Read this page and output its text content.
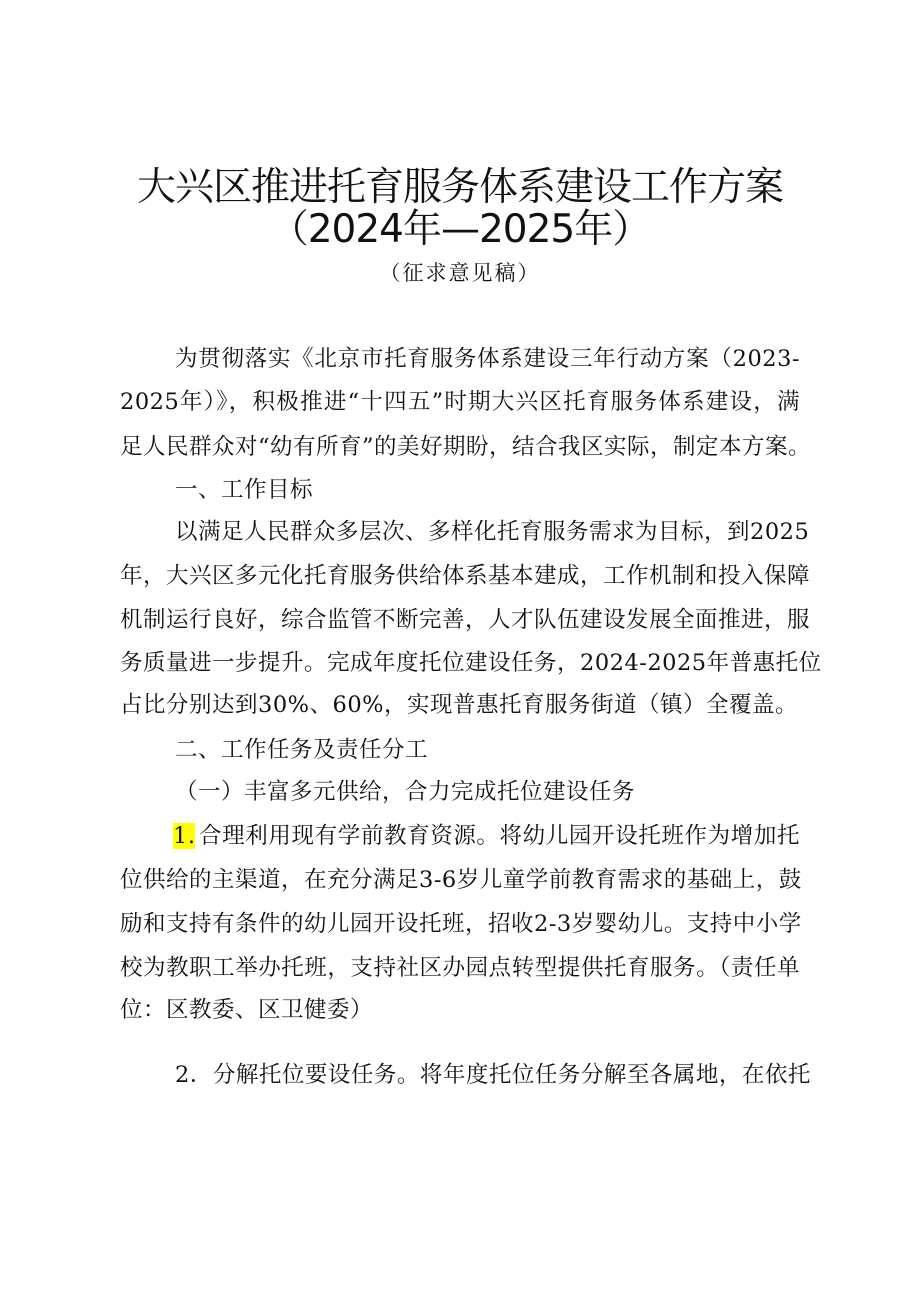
大兴区推进托育服务体系建设工作方案
（2024年—2025年）
（征求意见稿）
为贯彻落实《北京市托育服务体系建设三年行动方案（2023-
2025年）》，积极推进“十四五”时期大兴区托育服务体系建设，满
足人民群众对“幼有所育”的美好期盼，结合我区实际，制定本方案。
一、工作目标
以满足人民群众多层次、多样化托育服务需求为目标，到2025
年，大兴区多元化托育服务供给体系基本建成，工作机制和投入保障
机制运行良好，综合监管不断完善，人才队伍建设发展全面推进，服
务质量进一步提升。完成年度托位建设任务，2024-2025年普惠托位
占比分别达到30%、60%，实现普惠托育服务街道（镇）全覆盖。
二、工作任务及责任分工
（一）丰富多元供给，合力完成托位建设任务
1. 合理利用现有学前教育资源。将幼儿园开设托班作为增加托
位供给的主渠道，在充分满足3-6岁儿童学前教育需求的基础上，鼓
励和支持有条件的幼儿园开设托班，招收2-3岁婴幼儿。支持中小学
校为教职工举办托班，支持社区办园点转型提供托育服务。（责任单
位：区教委、区卫健委）
2．分解托位要设任务。将年度托位任务分解至各属地，在依托
